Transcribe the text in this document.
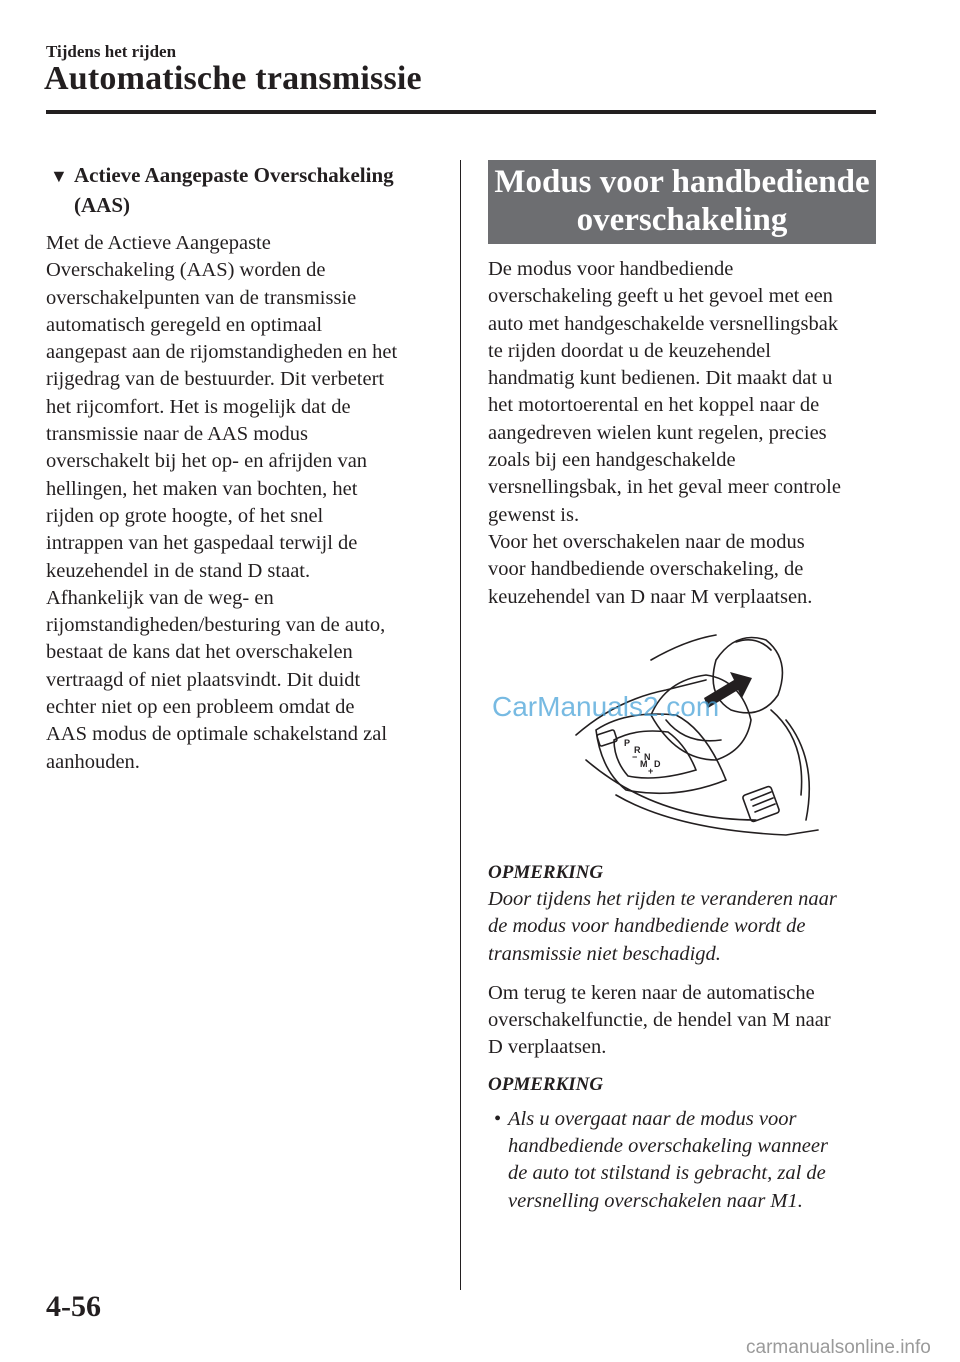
Tijdens het rijden
Automatische transmissie
▼ Actieve Aangepaste Overschakeling
(AAS)

Met de Actieve Aangepaste
Overschakeling (AAS) worden de
overschakelpunten van de transmissie
automatisch geregeld en optimaal
aangepast aan de rijomstandigheden en het
rijgedrag van de bestuurder. Dit verbetert
het rijcomfort. Het is mogelijk dat de
transmissie naar de AAS modus
overschakelt bij het op- en afrijden van
hellingen, het maken van bochten, het
rijden op grote hoogte, of het snel
intrappen van het gaspedaal terwijl de
keuzehendel in de stand D staat.
Afhankelijk van de weg- en
rijomstandigheden/besturing van de auto,
bestaat de kans dat het overschakelen
vertraagd of niet plaatsvindt. Dit duidt
echter niet op een probleem omdat de
AAS modus de optimale schakelstand zal
aanhouden.

Modus voor handbediende
overschakeling

De modus voor handbediende
overschakeling geeft u het gevoel met een
auto met handgeschakelde versnellingsbak
te rijden doordat u de keuzehendel
handmatig kunt bedienen. Dit maakt dat u
het motortoerental en het koppel naar de
aangedreven wielen kunt regelen, precies
zoals bij een handgeschakelde
versnellingsbak, in het geval meer controle
gewenst is.
Voor het overschakelen naar de modus
voor handbediende overschakeling, de
keuzehendel van D naar M verplaatsen.

P
R
N
D
M
−
+
CarManuals2.com
OPMERKING

Door tijdens het rijden te veranderen naar
de modus voor handbediende wordt de
transmissie niet beschadigd.

Om terug te keren naar de automatische
overschakelfunctie, de hendel van M naar
D verplaatsen.

OPMERKING

• Als u overgaat naar de modus voor
handbediende overschakeling wanneer
de auto tot stilstand is gebracht, zal de
versnelling overschakelen naar M1.

4-56
carmanualsonline.info
